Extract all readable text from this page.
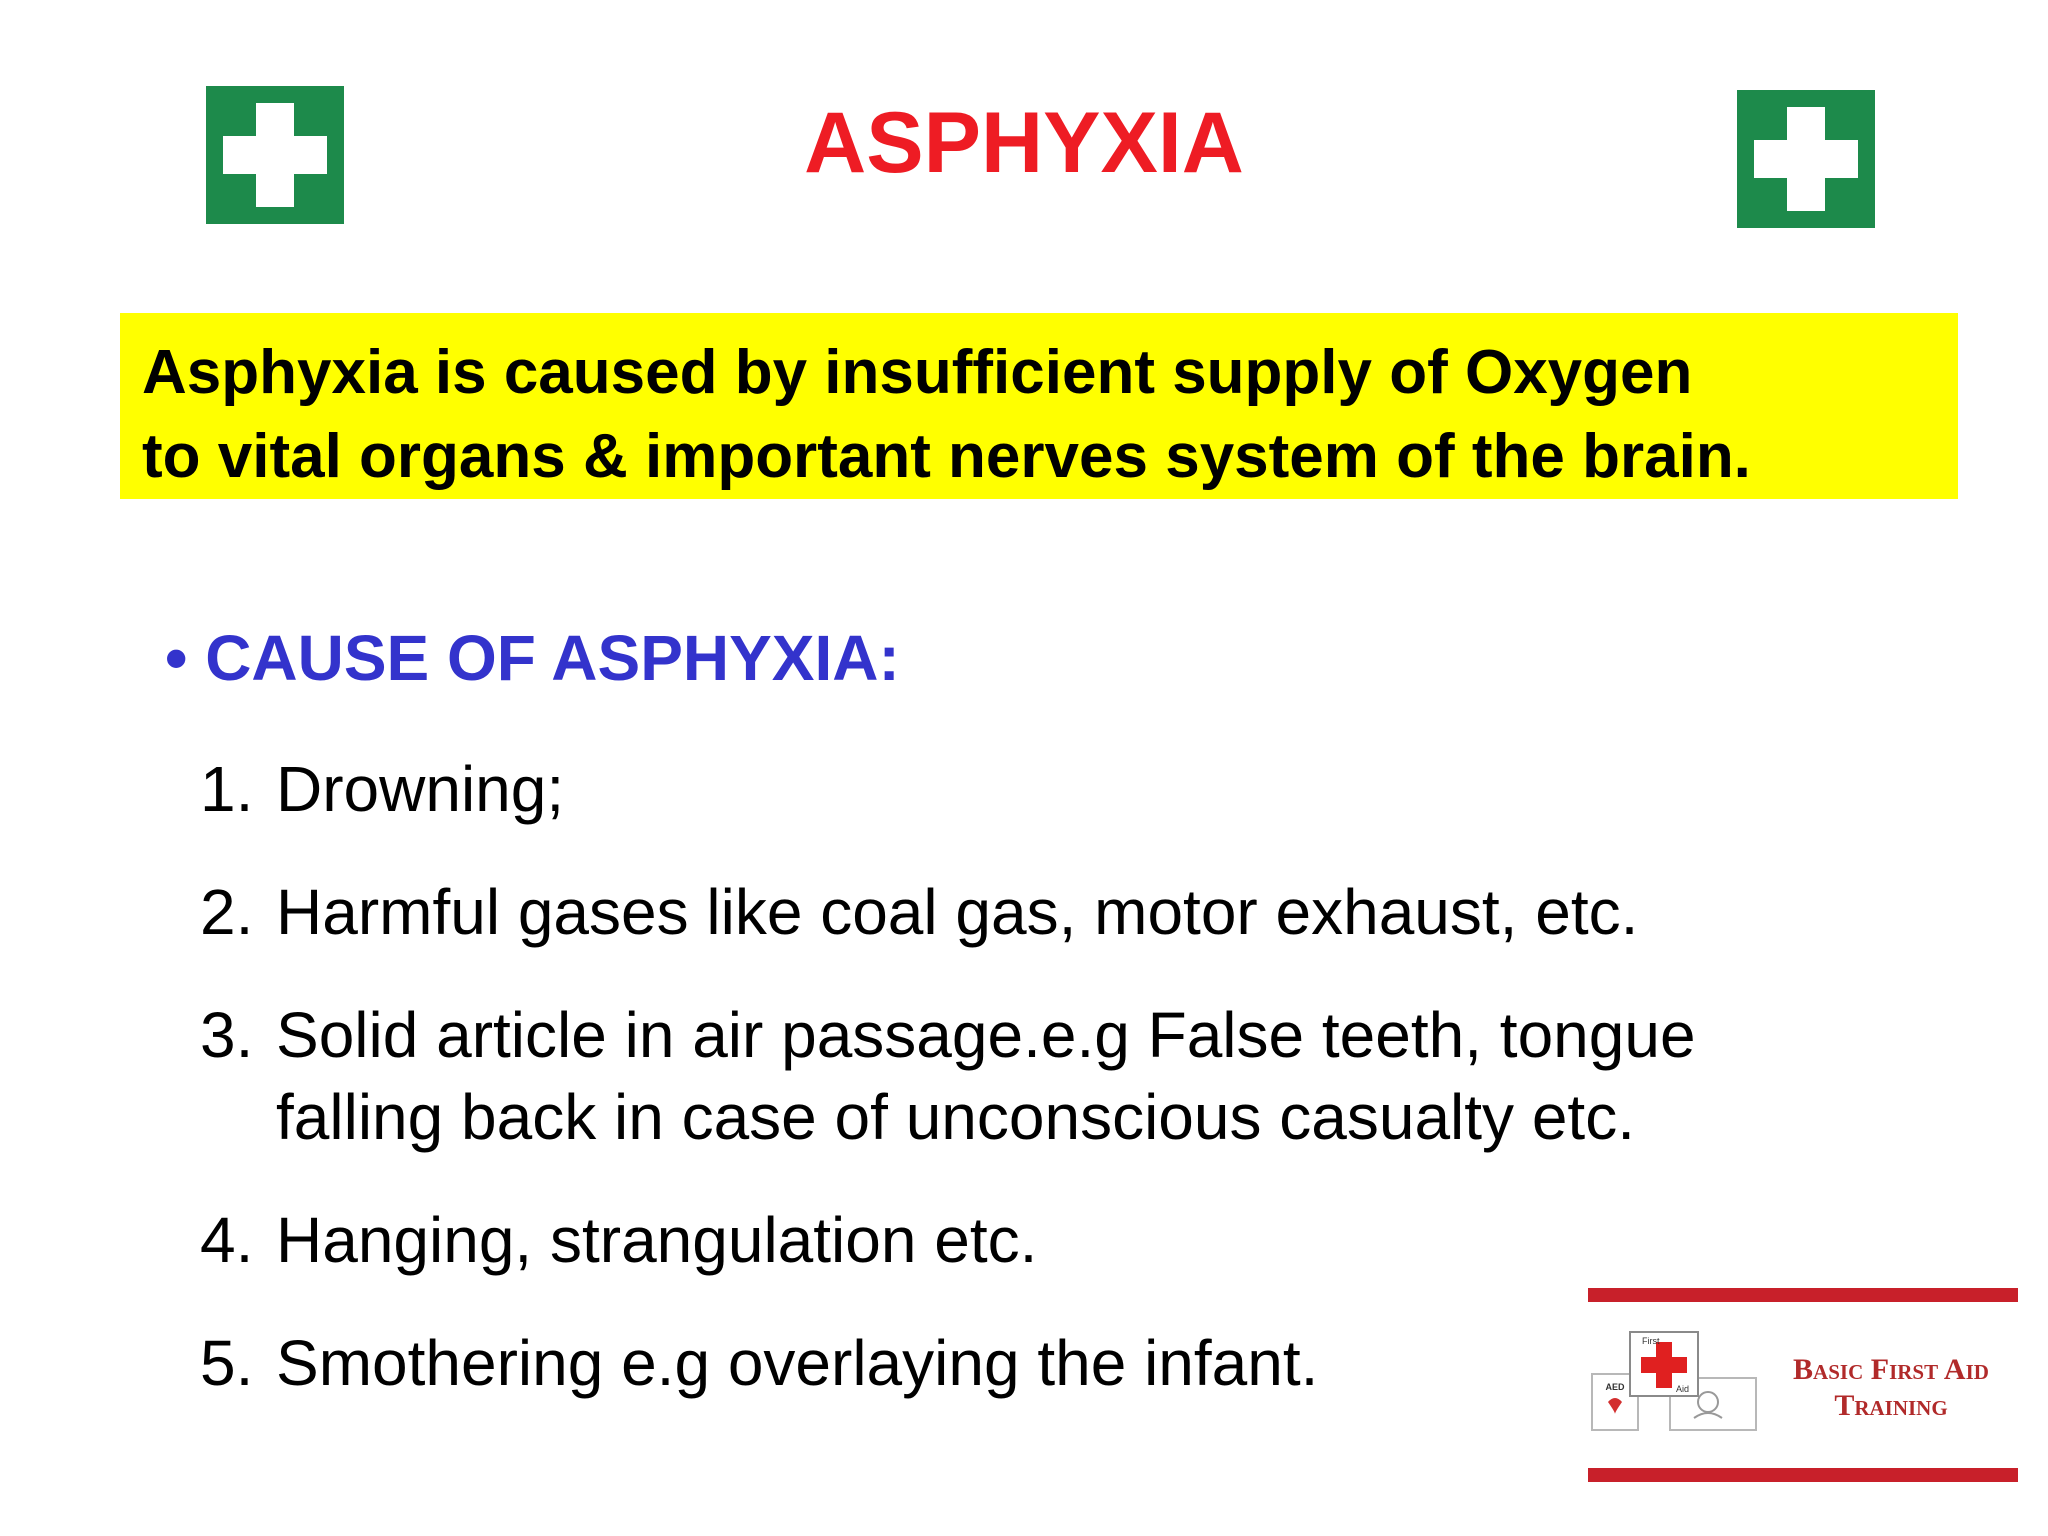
ASPHYXIA
Asphyxia is caused by insufficient supply of Oxygen
to vital organs & important nerves system of the brain.
• CAUSE OF ASPHYXIA:
1. Drowning;
2. Harmful gases like coal gas, motor exhaust, etc.
3. Solid article in air passage.e.g False teeth, tongue falling back in case of unconscious casualty etc.
4. Hanging, strangulation etc.
5. Smothering e.g overlaying the infant.	AED
First
Aid
Basic First Aid
Training
